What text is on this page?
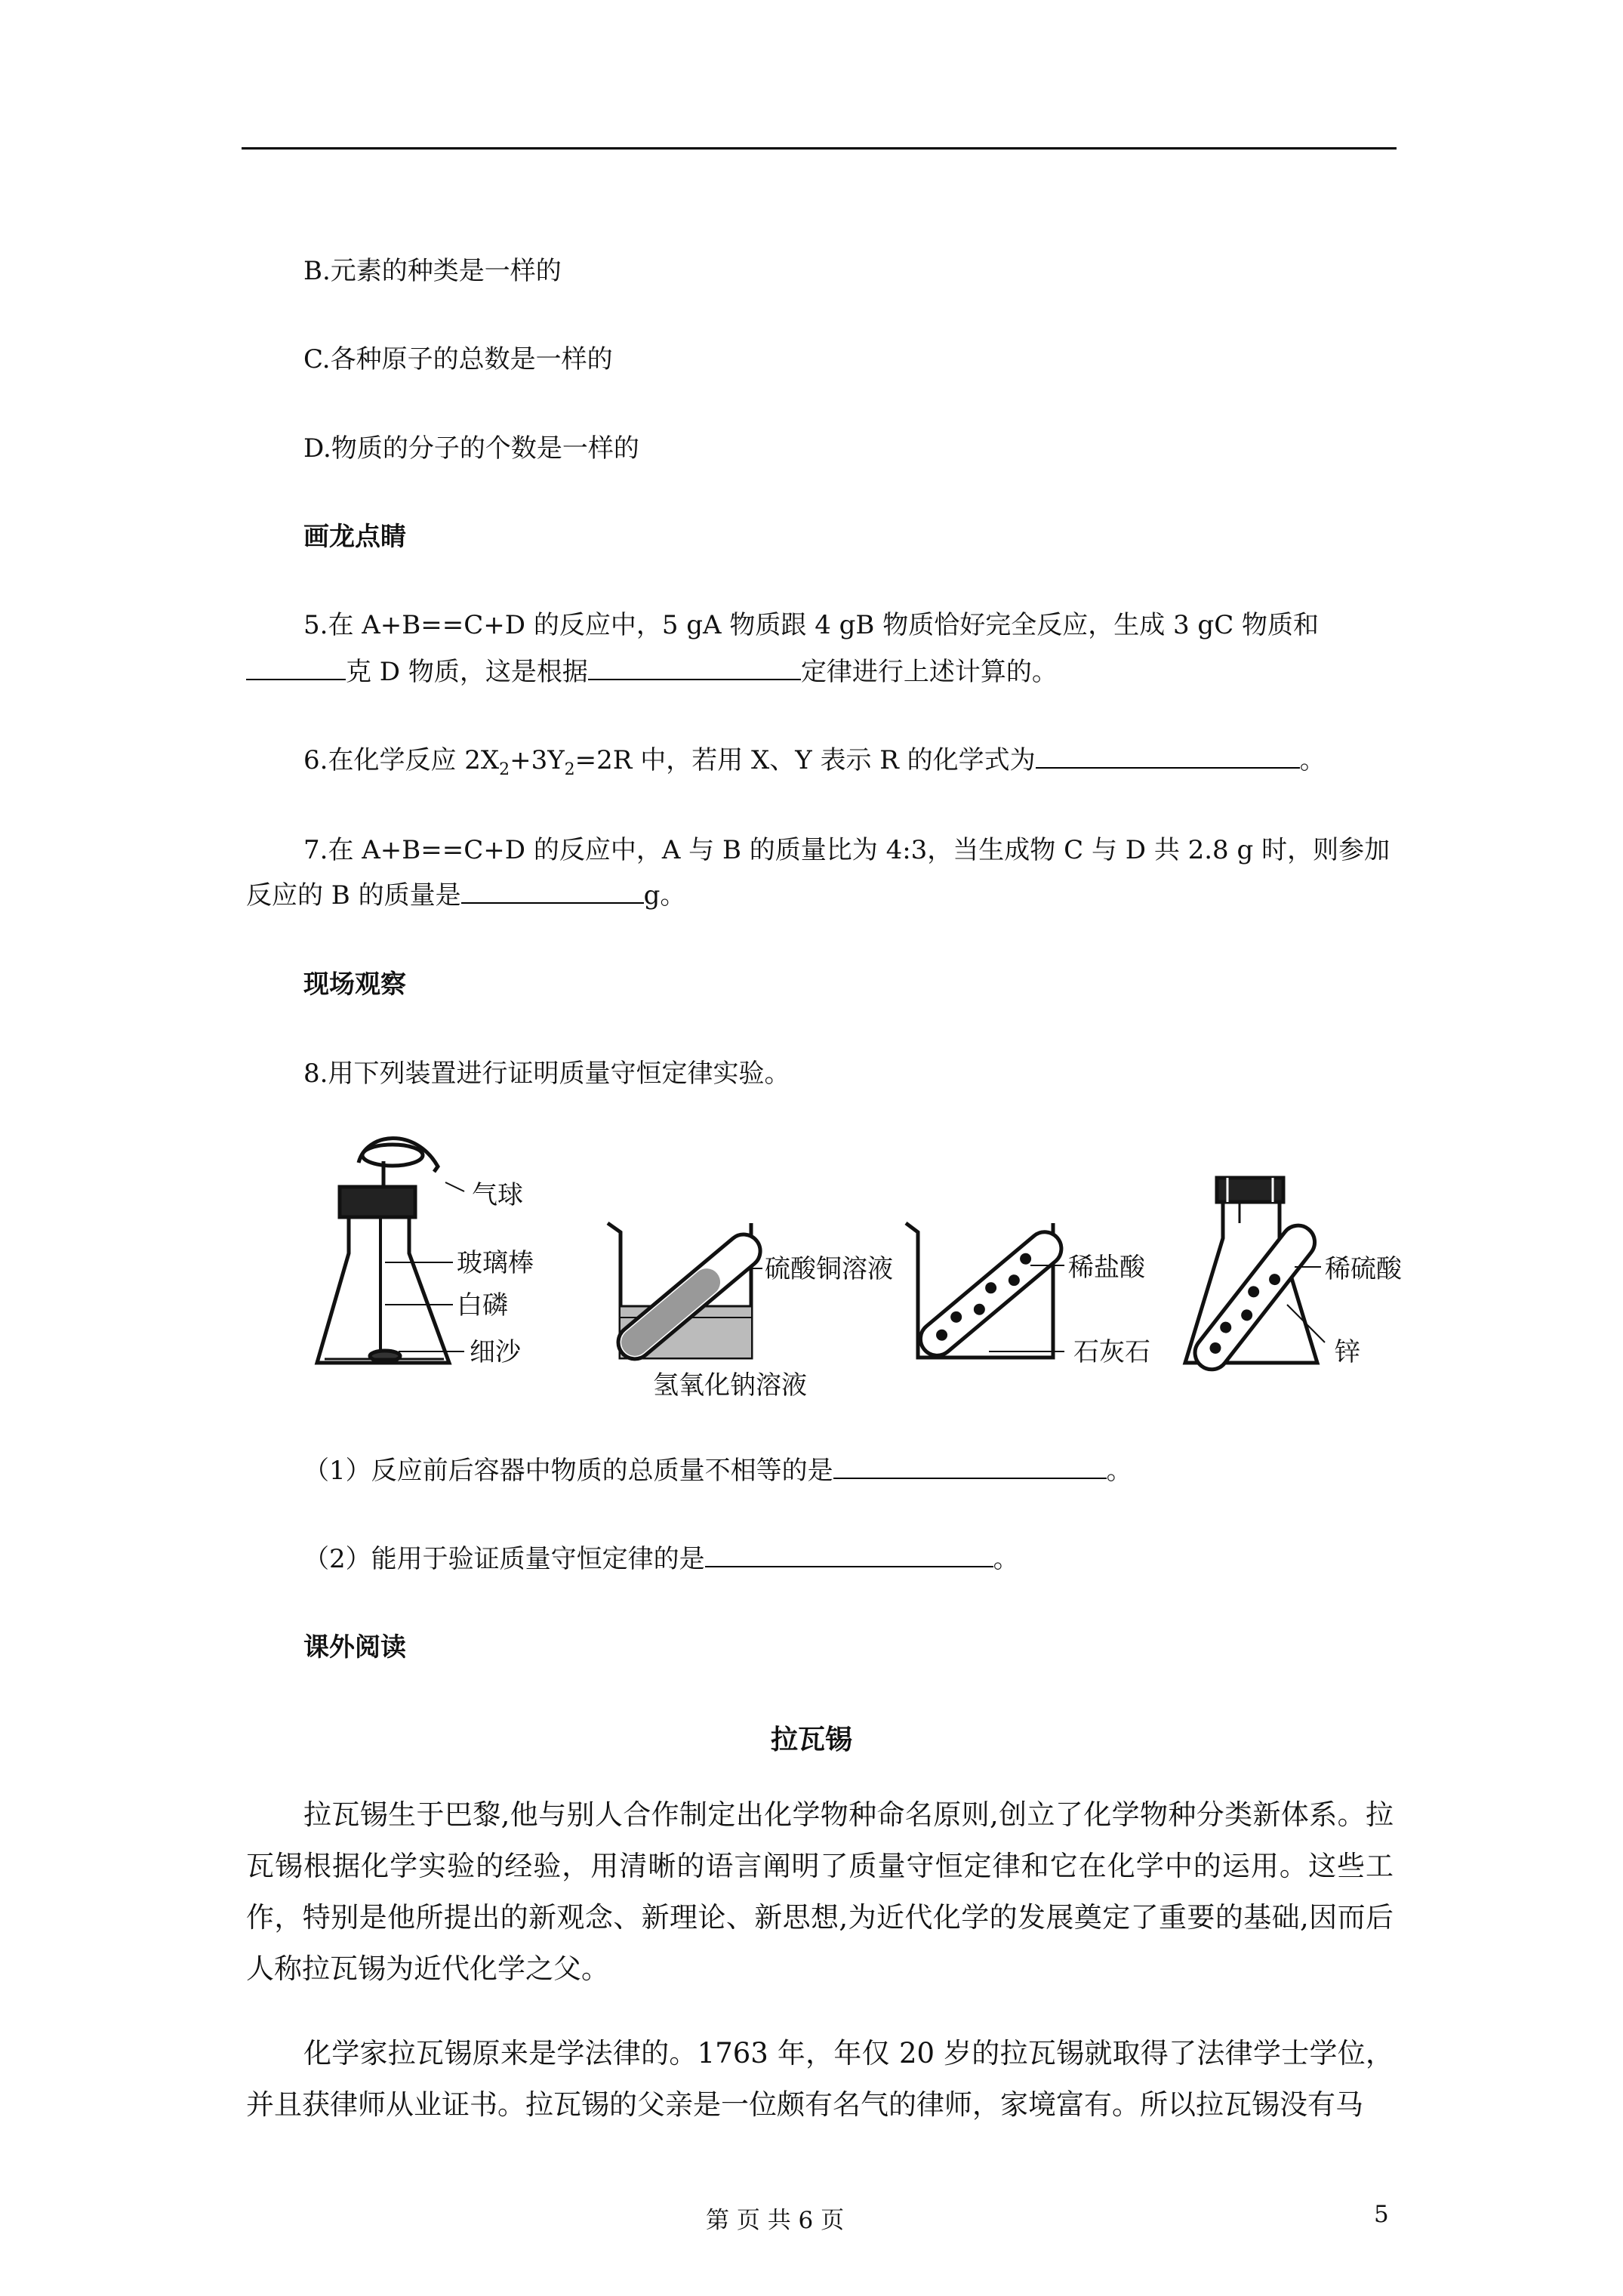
B.元素的种类是一样的
C.各种原子的总数是一样的
D.物质的分子的个数是一样的
画龙点睛
5.在 A+B==C+D 的反应中，5 gA 物质跟 4 gB 物质恰好完全反应，生成 3 gC 物质和
克 D 物质，这是根据	定律进行上述计算的。
6.在化学反应 $2X_2+3Y_2=2R$ 中，若用 X、Y 表示 R 的化学式为	。
7.在 A+B==C+D 的反应中，A 与 B 的质量比为 4:3，当生成物 C 与 D 共 2.8 g 时，则参加
反应的 B 的质量是	g。
现场观察
8.用下列装置进行证明质量守恒定律实验。
气球
玻璃棒
白磷
细沙
硫酸铜溶液
氢氧化钠溶液
稀盐酸
石灰石
稀硫酸
锌
（1）反应前后容器中物质的总质量不相等的是	。
（2）能用于验证质量守恒定律的是	。
课外阅读
拉瓦锡
拉瓦锡生于巴黎,他与别人合作制定出化学物种命名原则,创立了化学物种分类新体系。拉瓦锡根据化学实验的经验，用清晰的语言阐明了质量守恒定律和它在化学中的运用。这些工作，特别是他所提出的新观念、新理论、新思想,为近代化学的发展奠定了重要的基础,因而后人称拉瓦锡为近代化学之父。
化学家拉瓦锡原来是学法律的。1763 年，年仅 20 岁的拉瓦锡就取得了法律学士学位，并且获律师从业证书。拉瓦锡的父亲是一位颇有名气的律师，家境富有。所以拉瓦锡没有马
第 页 共 6 页	5
